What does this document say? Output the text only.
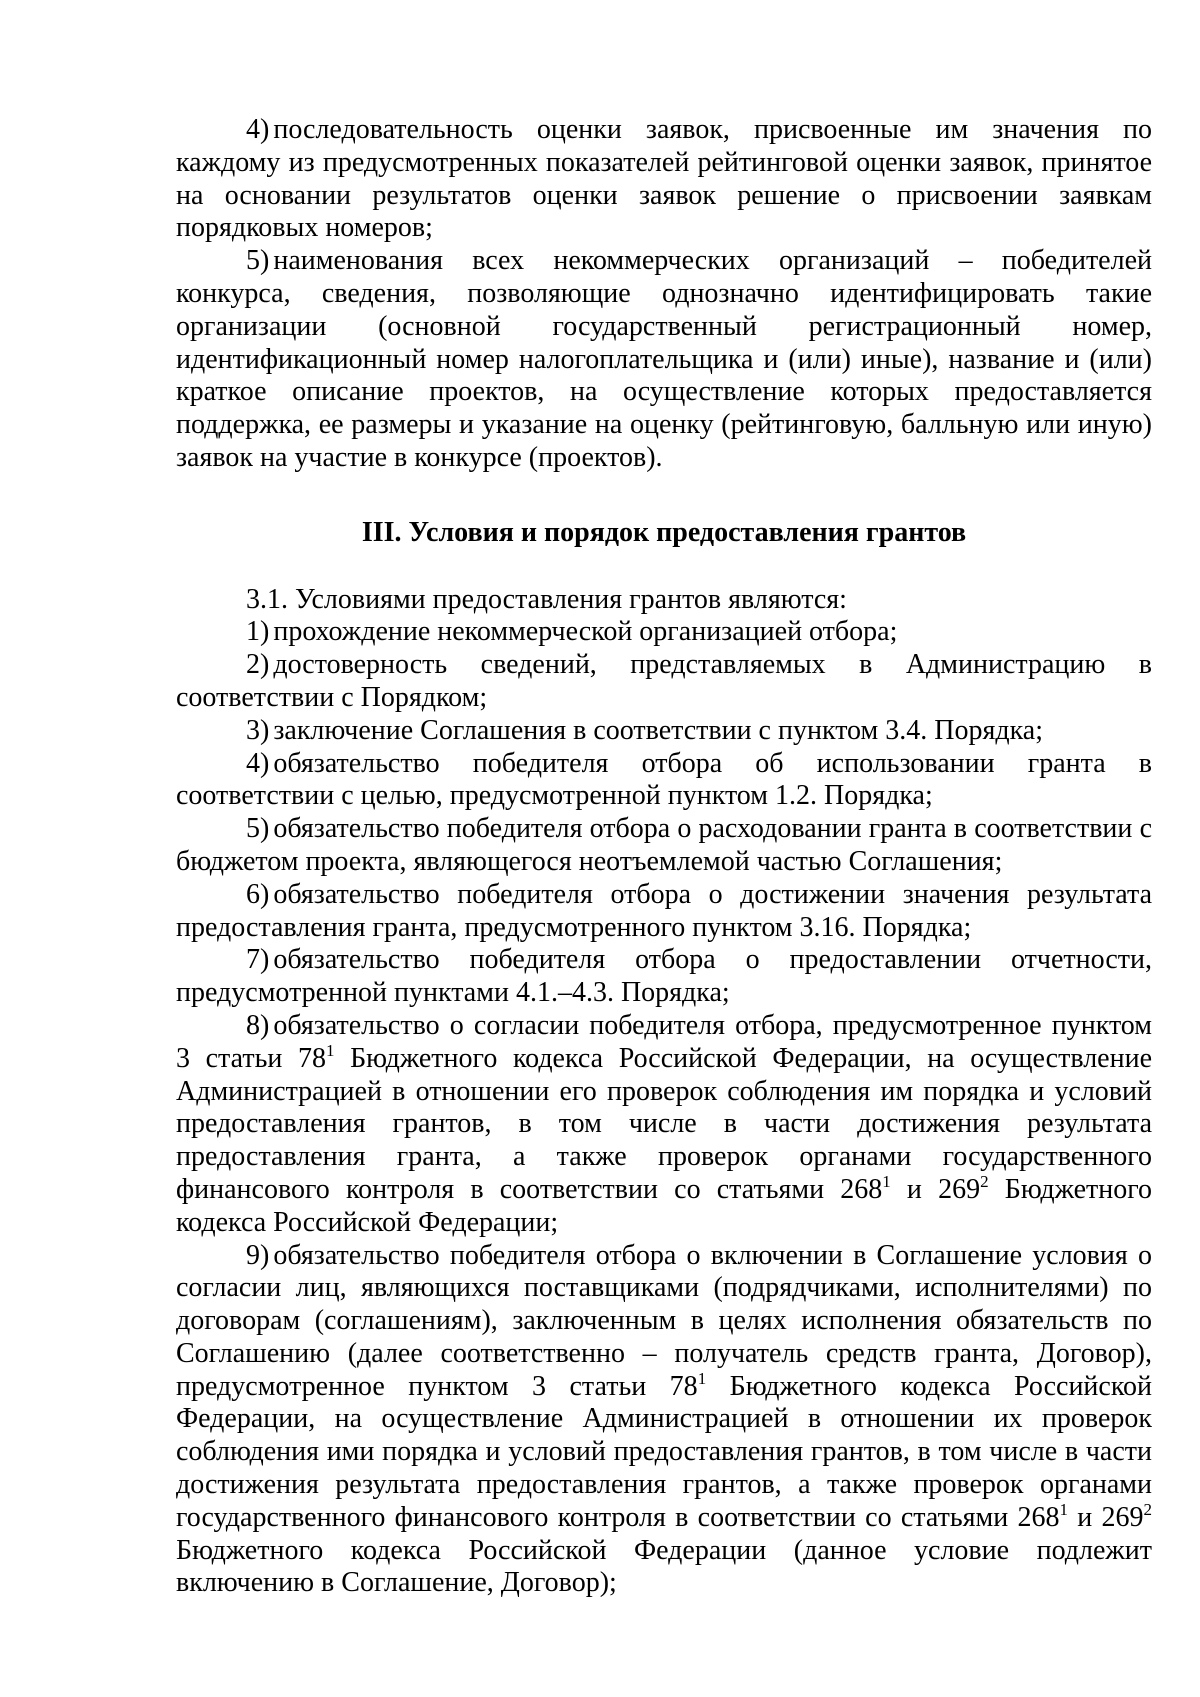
4) последовательность оценки заявок, присвоенные им значения по каждому из предусмотренных показателей рейтинговой оценки заявок, принятое на основании результатов оценки заявок решение о присвоении заявкам порядковых номеров;

5) наименования всех некоммерческих организаций – победителей конкурса, сведения, позволяющие однозначно идентифицировать такие организации (основной государственный регистрационный номер, идентификационный номер налогоплательщика и (или) иные), название и (или) краткое описание проектов, на осуществление которых предоставляется поддержка, ее размеры и указание на оценку (рейтинговую, балльную или иную) заявок на участие в конкурсе (проектов).

III. Условия и порядок предоставления грантов

3.1. Условиями предоставления грантов являются:

1) прохождение некоммерческой организацией отбора;

2) достоверность сведений, представляемых в Администрацию в соответствии с Порядком;

3) заключение Соглашения в соответствии с пунктом 3.4. Порядка;

4) обязательство победителя отбора об использовании гранта в соответствии с целью, предусмотренной пунктом 1.2. Порядка;

5) обязательство победителя отбора о расходовании гранта в соответствии с бюджетом проекта, являющегося неотъемлемой частью Соглашения;

6) обязательство победителя отбора о достижении значения результата предоставления гранта, предусмотренного пунктом 3.16. Порядка;

7) обязательство победителя отбора о предоставлении отчетности, предусмотренной пунктами 4.1.–4.3. Порядка;

8) обязательство о согласии победителя отбора, предусмотренное пунктом 3 статьи $78^1$ Бюджетного кодекса Российской Федерации, на осуществление Администрацией в отношении его проверок соблюдения им порядка и условий предоставления грантов, в том числе в части достижения результата предоставления гранта, а также проверок органами государственного финансового контроля в соответствии со статьями $268^1$ и $269^2$ Бюджетного кодекса Российской Федерации;

9) обязательство победителя отбора о включении в Соглашение условия о согласии лиц, являющихся поставщиками (подрядчиками, исполнителями) по договорам (соглашениям), заключенным в целях исполнения обязательств по Соглашению (далее соответственно – получатель средств гранта, Договор), предусмотренное пунктом 3 статьи $78^1$ Бюджетного кодекса Российской Федерации, на осуществление Администрацией в отношении их проверок соблюдения ими порядка и условий предоставления грантов, в том числе в части достижения результата предоставления грантов, а также проверок органами государственного финансового контроля в соответствии со статьями $268^1$ и $269^2$ Бюджетного кодекса Российской Федерации (данное условие подлежит включению в Соглашение, Договор);
